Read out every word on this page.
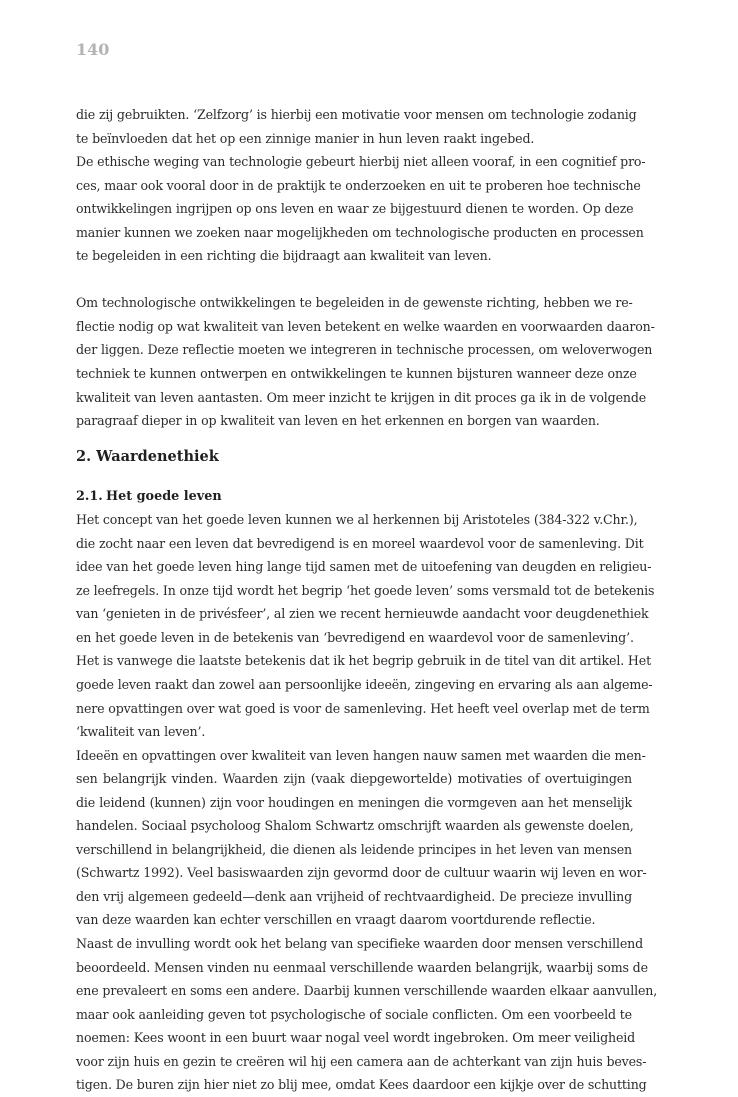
140

die zij gebruikten. ‘Zelfzorg’ is hierbij een motivatie voor mensen om technologie zodanig
te beïnvloeden dat het op een zinnige manier in hun leven raakt ingebed.

De ethische weging van technologie gebeurt hierbij niet alleen vooraf, in een cognitief pro-
ces, maar ook vooral door in de praktijk te onderzoeken en uit te proberen hoe technische
ontwikkelingen ingrijpen op ons leven en waar ze bijgestuurd dienen te worden. Op deze
manier kunnen we zoeken naar mogelijkheden om technologische producten en processen
te begeleiden in een richting die bijdraagt aan kwaliteit van leven.

Om technologische ontwikkelingen te begeleiden in de gewenste richting, hebben we re-
flectie nodig op wat kwaliteit van leven betekent en welke waarden en voorwaarden daaron-
der liggen. Deze reflectie moeten we integreren in technische processen, om weloverwogen
techniek te kunnen ontwerpen en ontwikkelingen te kunnen bijsturen wanneer deze onze
kwaliteit van leven aantasten. Om meer inzicht te krijgen in dit proces ga ik in de volgende
paragraaf dieper in op kwaliteit van leven en het erkennen en borgen van waarden.

2. Waardenethiek
2.1. Het goede leven

Het concept van het goede leven kunnen we al herkennen bij Aristoteles (384-322 v.Chr.),
die zocht naar een leven dat bevredigend is en moreel waardevol voor de samenleving. Dit
idee van het goede leven hing lange tijd samen met de uitoefening van deugden en religieu-
ze leefregels. In onze tijd wordt het begrip ‘het goede leven’ soms versmald tot de betekenis
van ‘genieten in de privésfeer’, al zien we recent hernieuwde aandacht voor deugdenethiek
en het goede leven in de betekenis van ‘bevredigend en waardevol voor de samenleving’.
Het is vanwege die laatste betekenis dat ik het begrip gebruik in de titel van dit artikel. Het
goede leven raakt dan zowel aan persoonlijke ideeën, zingeving en ervaring als aan algeme-
nere opvattingen over wat goed is voor de samenleving. Het heeft veel overlap met de term
‘kwaliteit van leven’.

Ideeën en opvattingen over kwaliteit van leven hangen nauw samen met waarden die men-
sen belangrijk vinden. Waarden zijn (vaak diepgewortelde) motivaties of overtuigingen
die leidend (kunnen) zijn voor houdingen en meningen die vormgeven aan het menselijk
handelen. Sociaal psycholoog Shalom Schwartz omschrijft waarden als gewenste doelen,
verschillend in belangrijkheid, die dienen als leidende principes in het leven van mensen
(Schwartz 1992). Veel basiswaarden zijn gevormd door de cultuur waarin wij leven en wor-
den vrij algemeen gedeeld—denk aan vrijheid of rechtvaardigheid. De precieze invulling
van deze waarden kan echter verschillen en vraagt daarom voortdurende reflectie.

Naast de invulling wordt ook het belang van specifieke waarden door mensen verschillend
beoordeeld. Mensen vinden nu eenmaal verschillende waarden belangrijk, waarbij soms de
ene prevaleert en soms een andere. Daarbij kunnen verschillende waarden elkaar aanvullen,
maar ook aanleiding geven tot psychologische of sociale conflicten. Om een voorbeeld te
noemen: Kees woont in een buurt waar nogal veel wordt ingebroken. Om meer veiligheid
voor zijn huis en gezin te creëren wil hij een camera aan de achterkant van zijn huis beves-
tigen. De buren zijn hier niet zo blij mee, omdat Kees daardoor een kijkje over de schutting
